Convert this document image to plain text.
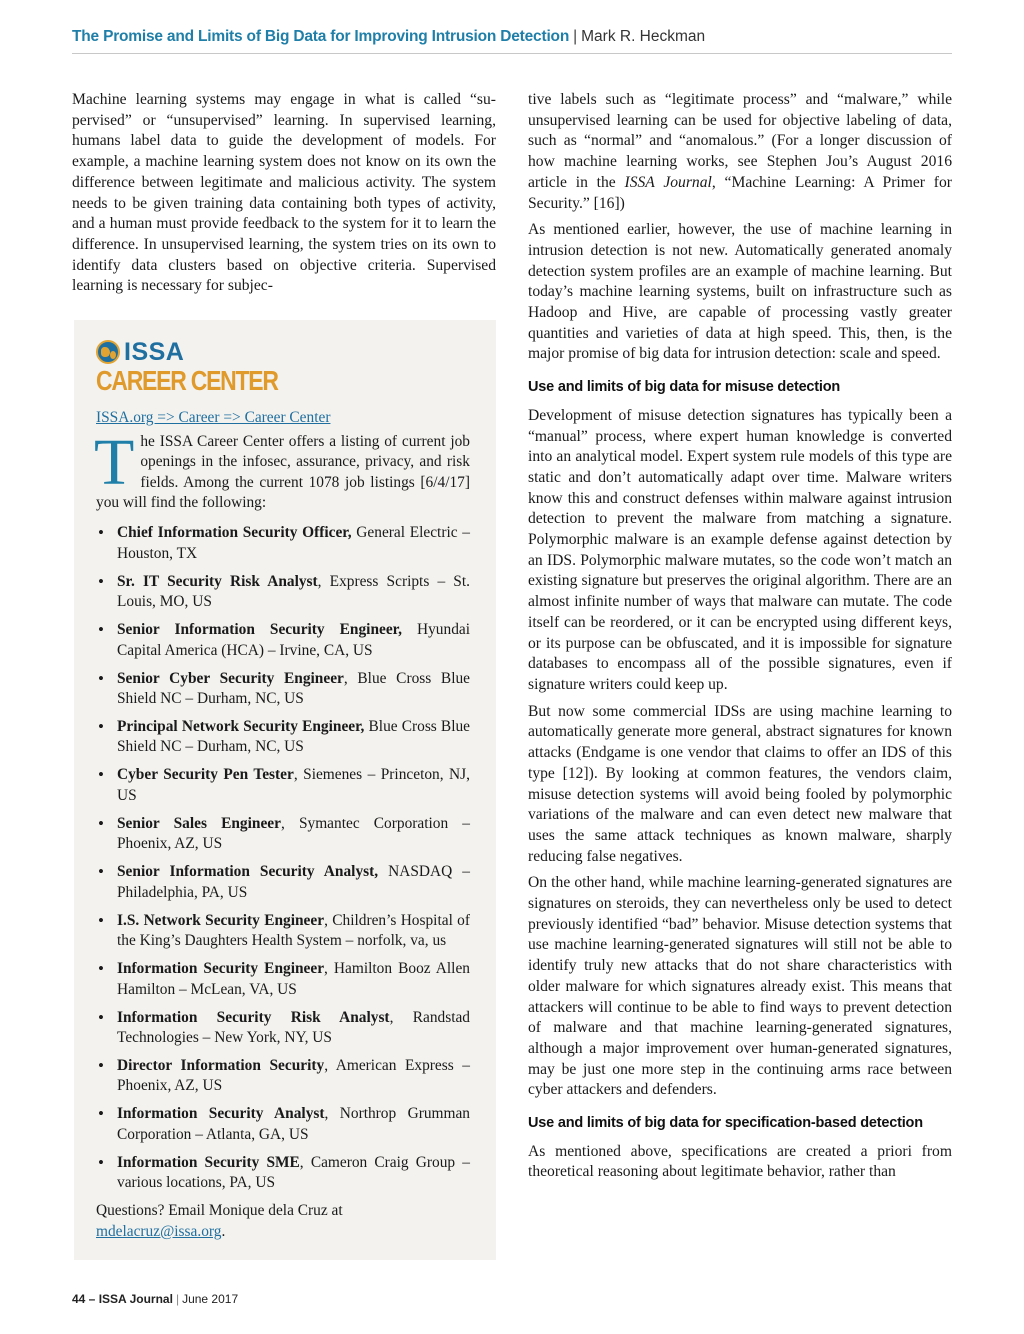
The Promise and Limits of Big Data for Improving Intrusion Detection | Mark R. Heckman

Machine learning systems may engage in what is called “supervised” or “unsupervised” learning. In supervised learning, humans label data to guide the development of models. For example, a machine learning system does not know on its own the difference between legitimate and malicious activity. The system needs to be given training data containing both types of activity, and a human must provide feedback to the system for it to learn the difference. In unsupervised learning, the system tries on its own to identify data clusters based on objective criteria. Supervised learning is necessary for subjec-

ISSA
CAREER CENTER
ISSA.org => Career => Career Center
The ISSA Career Center offers a listing of current job openings in the infosec, assurance, privacy, and risk fields. Among the current 1078 job listings [6/4/17] you will find the following:
• Chief Information Security Officer, General Electric – Houston, TX
• Sr. IT Security Risk Analyst, Express Scripts – St. Louis, MO, US
• Senior Information Security Engineer, Hyundai Capital America (HCA) – Irvine, CA, US
• Senior Cyber Security Engineer, Blue Cross Blue Shield NC – Durham, NC, US
• Principal Network Security Engineer, Blue Cross Blue Shield NC – Durham, NC, US
• Cyber Security Pen Tester, Siemenes – Princeton, NJ, US
• Senior Sales Engineer, Symantec Corporation – Phoenix, AZ, US
• Senior Information Security Analyst, NASDAQ – Philadelphia, PA, US
• I.S. Network Security Engineer, Children’s Hospital of the King’s Daughters Health System – norfolk, va, us
• Information Security Engineer, Hamilton Booz Allen Hamilton – McLean, VA, US
• Information Security Risk Analyst, Randstad Technologies – New York, NY, US
• Director Information Security, American Express – Phoenix, AZ, US
• Information Security Analyst, Northrop Grumman Corporation – Atlanta, GA, US
• Information Security SME, Cameron Craig Group – various locations, PA, US

Questions? Email Monique dela Cruz at mdelacruz@issa.org.

tive labels such as “legitimate process” and “malware,” while unsupervised learning can be used for objective labeling of data, such as “normal” and “anomalous.” (For a longer discussion of how machine learning works, see Stephen Jou’s August 2016 article in the ISSA Journal, “Machine Learning: A Primer for Security.” [16])

As mentioned earlier, however, the use of machine learning in intrusion detection is not new. Automatically generated anomaly detection system profiles are an example of machine learning. But today’s machine learning systems, built on infrastructure such as Hadoop and Hive, are capable of processing vastly greater quantities and varieties of data at high speed. This, then, is the major promise of big data for intrusion detection: scale and speed.

Use and limits of big data for misuse detection

Development of misuse detection signatures has typically been a “manual” process, where expert human knowledge is converted into an analytical model. Expert system rule models of this type are static and don’t automatically adapt over time. Malware writers know this and construct defenses within malware against intrusion detection to prevent the malware from matching a signature. Polymorphic malware is an example defense against detection by an IDS. Polymorphic malware mutates, so the code won’t match an existing signature but preserves the original algorithm. There are an almost infinite number of ways that malware can mutate. The code itself can be reordered, or it can be encrypted using different keys, or its purpose can be obfuscated, and it is impossible for signature databases to encompass all of the possible signatures, even if signature writers could keep up.

But now some commercial IDSs are using machine learning to automatically generate more general, abstract signatures for known attacks (Endgame is one vendor that claims to offer an IDS of this type [12]). By looking at common features, the vendors claim, misuse detection systems will avoid being fooled by polymorphic variations of the malware and can even detect new malware that uses the same attack techniques as known malware, sharply reducing false negatives.

On the other hand, while machine learning-generated signatures are signatures on steroids, they can nevertheless only be used to detect previously identified “bad” behavior. Misuse detection systems that use machine learning-generated signatures will still not be able to identify truly new attacks that do not share characteristics with older malware for which signatures already exist. This means that attackers will continue to be able to find ways to prevent detection of malware and that machine learning-generated signatures, although a major improvement over human-generated signatures, may be just one more step in the continuing arms race between cyber attackers and defenders.

Use and limits of big data for specification-based detection

As mentioned above, specifications are created a priori from theoretical reasoning about legitimate behavior, rather than

44 – ISSA Journal | June 2017
